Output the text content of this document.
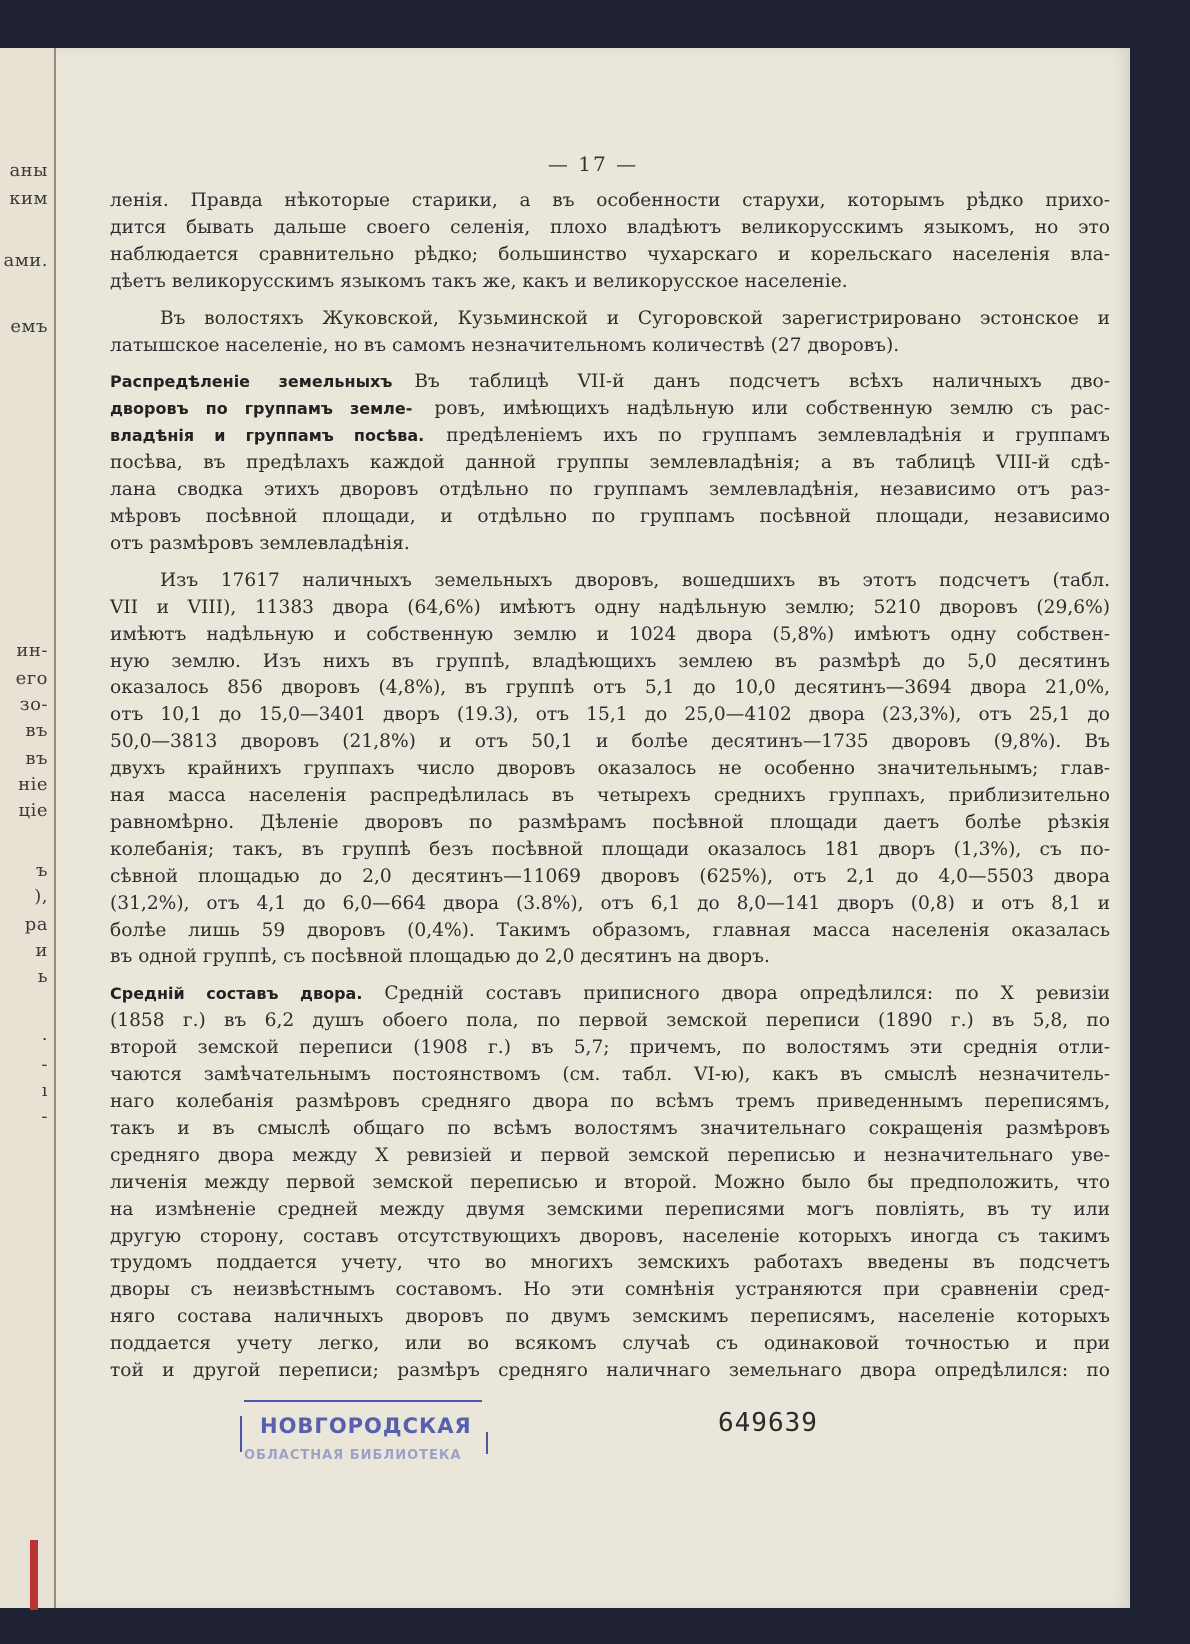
аны
ким
ами.
емъ
ин-
его
зо-
въ
въ
ніе
ціе
ъ
),
ра
и
ь
.
-
ı
-
— 17 —
ленія. Правда нѣкоторые старики, а въ особенности старухи, которымъ рѣдко прихо-
дится бывать дальше своего селенія, плохо владѣютъ великорусскимъ языкомъ, но это
наблюдается сравнительно рѣдко; большинство чухарскаго и корельскаго населенія вла-
дѣетъ великорусскимъ языкомъ такъ же, какъ и великорусское населеніе.
Въ волостяхъ Жуковской, Кузьминской и Сугоровской зарегистрировано эстонское и
латышское населеніе, но въ самомъ незначительномъ количествѣ (27 дворовъ).
Распредѣленіе земельныхъ Въ таблицѣ VII-й данъ подсчетъ всѣхъ наличныхъ дво-
дворовъ по группамъ земле- ровъ, имѣющихъ надѣльную или собственную землю съ рас-
владѣнія и группамъ посѣва. предѣленіемъ ихъ по группамъ землевладѣнія и группамъ
посѣва, въ предѣлахъ каждой данной группы землевладѣнія; а въ таблицѣ VIII-й сдѣ-
лана сводка этихъ дворовъ отдѣльно по группамъ землевладѣнія, независимо отъ раз-
мѣровъ посѣвной площади, и отдѣльно по группамъ посѣвной площади, независимо
отъ размѣровъ землевладѣнія.
Изъ 17617 наличныхъ земельныхъ дворовъ, вошедшихъ въ этотъ подсчетъ (табл.
VII и VIII), 11383 двора (64,6%) имѣютъ одну надѣльную землю; 5210 дворовъ (29,6%)
имѣютъ надѣльную и собственную землю и 1024 двора (5,8%) имѣютъ одну собствен-
ную землю. Изъ нихъ въ группѣ, владѣющихъ землею въ размѣрѣ до 5,0 десятинъ
оказалось 856 дворовъ (4,8%), въ группѣ отъ 5,1 до 10,0 десятинъ—3694 двора 21,0%,
отъ 10,1 до 15,0—3401 дворъ (19.3), отъ 15,1 до 25,0—4102 двора (23,3%), отъ 25,1 до
50,0—3813 дворовъ (21,8%) и отъ 50,1 и болѣе десятинъ—1735 дворовъ (9,8%). Въ
двухъ крайнихъ группахъ число дворовъ оказалось не особенно значительнымъ; глав-
ная масса населенія распредѣлилась въ четырехъ среднихъ группахъ, приблизительно
равномѣрно. Дѣленіе дворовъ по размѣрамъ посѣвной площади даетъ болѣе рѣзкія
колебанія; такъ, въ группѣ безъ посѣвной площади оказалось 181 дворъ (1,3%), съ по-
сѣвной площадью до 2,0 десятинъ—11069 дворовъ (625%), отъ 2,1 до 4,0—5503 двора
(31,2%), отъ 4,1 до 6,0—664 двора (3.8%), отъ 6,1 до 8,0—141 дворъ (0,8) и отъ 8,1 и
болѣе лишь 59 дворовъ (0,4%). Такимъ образомъ, главная масса населенія оказалась
въ одной группѣ, съ посѣвной площадью до 2,0 десятинъ на дворъ.
Средній составъ двора. Средній составъ приписного двора опредѣлился: по X ревизіи
(1858 г.) въ 6,2 душъ обоего пола, по первой земской переписи (1890 г.) въ 5,8, по
второй земской переписи (1908 г.) въ 5,7; причемъ, по волостямъ эти среднія отли-
чаются замѣчательнымъ постоянствомъ (см. табл. VI-ю), какъ въ смыслѣ незначитель-
наго колебанія размѣровъ средняго двора по всѣмъ тремъ приведеннымъ переписямъ,
такъ и въ смыслѣ общаго по всѣмъ волостямъ значительнаго сокращенія размѣровъ
средняго двора между X ревизіей и первой земской переписью и незначительнаго уве-
личенія между первой земской переписью и второй. Можно было бы предположить, что
на измѣненіе средней между двумя земскими переписями могъ повліять, въ ту или
другую сторону, составъ отсутствующихъ дворовъ, населеніе которыхъ иногда съ такимъ
трудомъ поддается учету, что во многихъ земскихъ работахъ введены въ подсчетъ
дворы съ неизвѣстнымъ составомъ. Но эти сомнѣнія устраняются при сравненіи сред-
няго состава наличныхъ дворовъ по двумъ земскимъ переписямъ, населеніе которыхъ
поддается учету легко, или во всякомъ случаѣ съ одинаковой точностью и при
той и другой переписи; размѣръ средняго наличнаго земельнаго двора опредѣлился: по
НОВГОРОДСКАЯ
ОБЛАСТНАЯ БИБЛИОТЕКА
649639
